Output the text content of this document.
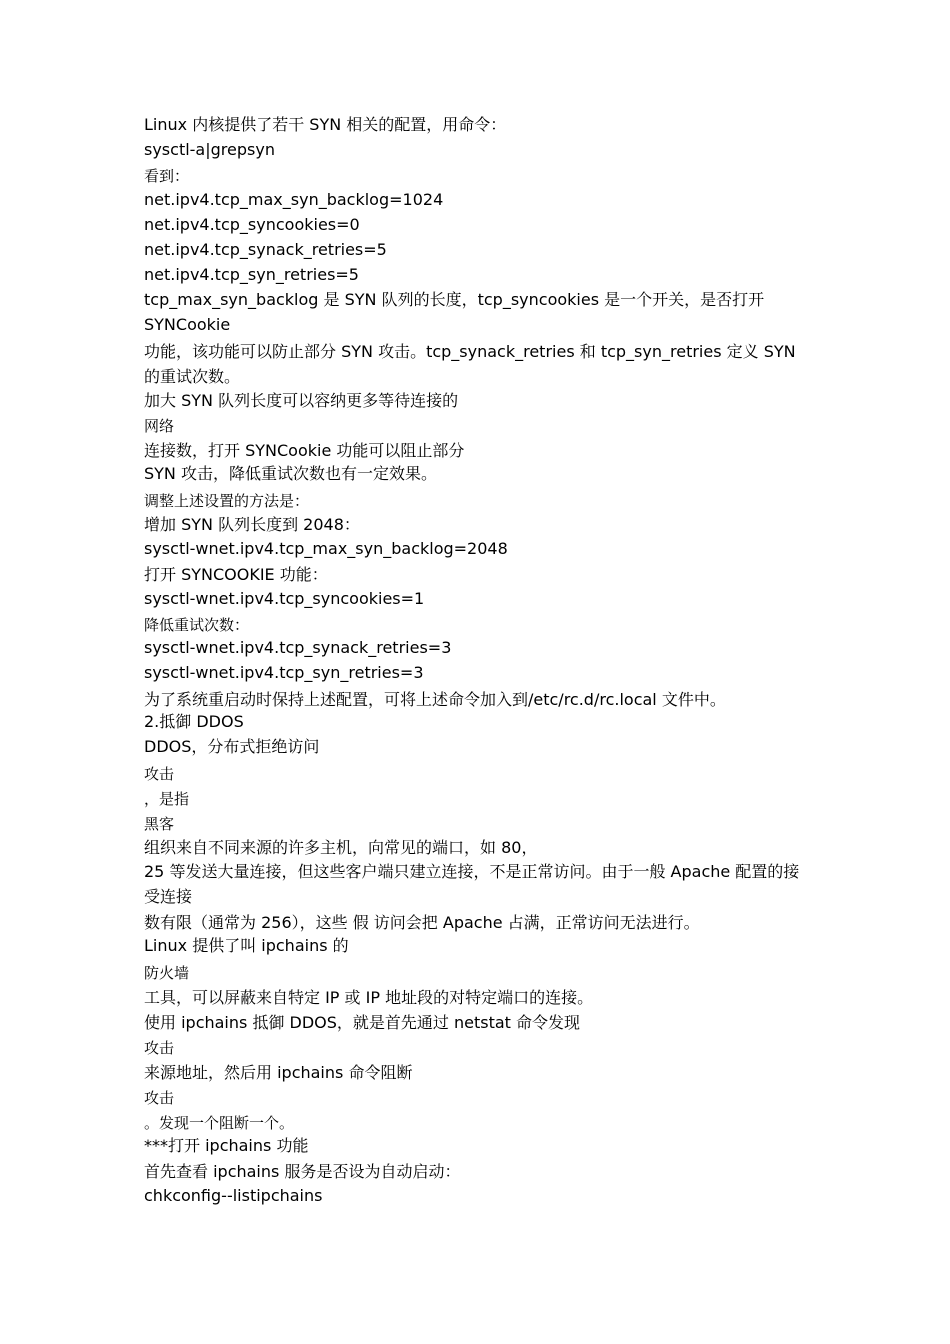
Linux 内核提供了若干 SYN 相关的配置，用命令：
sysctl-a|grepsyn
看到：
net.ipv4.tcp_max_syn_backlog=1024
net.ipv4.tcp_syncookies=0
net.ipv4.tcp_synack_retries=5
net.ipv4.tcp_syn_retries=5
tcp_max_syn_backlog 是 SYN 队列的长度，tcp_syncookies 是一个开关，是否打开 SYNCookie
功能，该功能可以防止部分 SYN 攻击。tcp_synack_retries 和 tcp_syn_retries 定义 SYN 的重试次数。
加大 SYN 队列长度可以容纳更多等待连接的
网络
连接数，打开 SYNCookie 功能可以阻止部分
SYN 攻击，降低重试次数也有一定效果。
调整上述设置的方法是：
增加 SYN 队列长度到 2048：
sysctl-wnet.ipv4.tcp_max_syn_backlog=2048
打开 SYNCOOKIE 功能：
sysctl-wnet.ipv4.tcp_syncookies=1
降低重试次数：
sysctl-wnet.ipv4.tcp_synack_retries=3
sysctl-wnet.ipv4.tcp_syn_retries=3
为了系统重启动时保持上述配置，可将上述命令加入到/etc/rc.d/rc.local 文件中。
2.抵御 DDOS
DDOS，分布式拒绝访问
攻击
，是指
黑客
组织来自不同来源的许多主机，向常见的端口，如 80，
25 等发送大量连接，但这些客户端只建立连接，不是正常访问。由于一般 Apache 配置的接受连接
数有限（通常为 256），这些 假 访问会把 Apache 占满，正常访问无法进行。
Linux 提供了叫 ipchains 的
防火墙
工具，可以屏蔽来自特定 IP 或 IP 地址段的对特定端口的连接。
使用 ipchains 抵御 DDOS，就是首先通过 netstat 命令发现
攻击
来源地址，然后用 ipchains 命令阻断
攻击
。发现一个阻断一个。
***打开 ipchains 功能
首先查看 ipchains 服务是否设为自动启动：
chkconfig--listipchains
